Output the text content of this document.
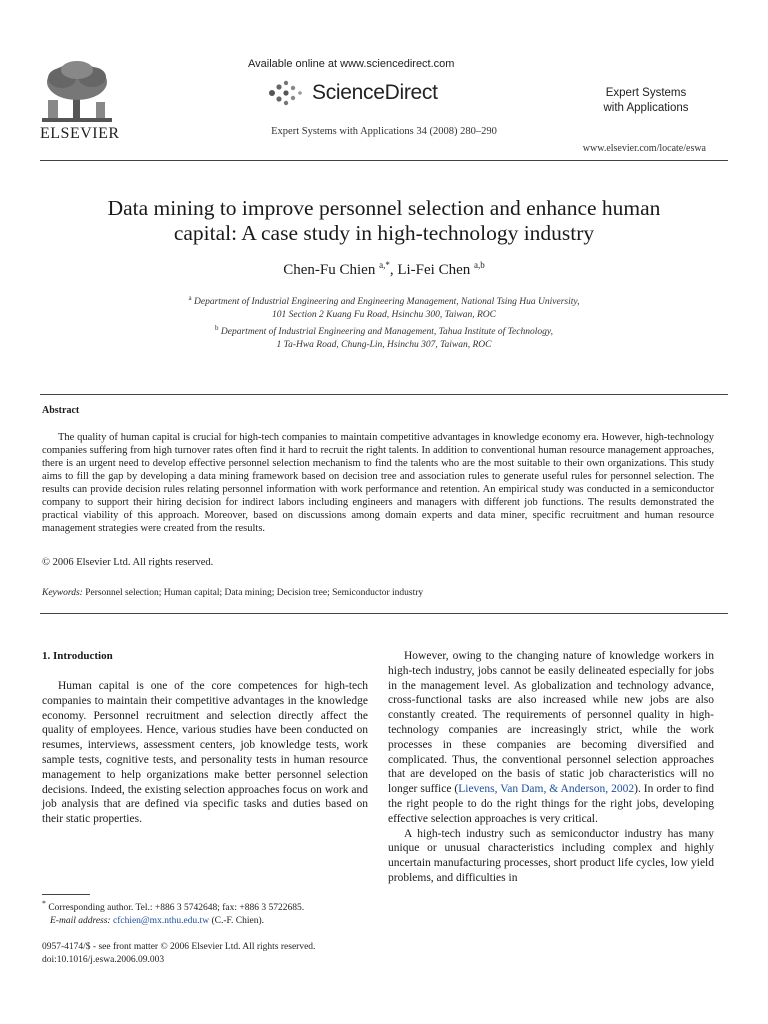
ELSEVIER
Available online at www.sciencedirect.com
ScienceDirect
Expert Systems with Applications 34 (2008) 280–290
Expert Systems
with Applications
www.elsevier.com/locate/eswa
Data mining to improve personnel selection and enhance human
capital: A case study in high-technology industry
Chen-Fu Chien $^{a,*}$, Li-Fei Chen $^{a,b}$
$^a$ Department of Industrial Engineering and Engineering Management, National Tsing Hua University,
101 Section 2 Kuang Fu Road, Hsinchu 300, Taiwan, ROC
$^b$ Department of Industrial Engineering and Management, Tahua Institute of Technology,
1 Ta-Hwa Road, Chung-Lin, Hsinchu 307, Taiwan, ROC
Abstract
The quality of human capital is crucial for high-tech companies to maintain competitive advantages in knowledge economy era. However, high-technology companies suffering from high turnover rates often find it hard to recruit the right talents. In addition to conventional human resource management approaches, there is an urgent need to develop effective personnel selection mechanism to find the talents who are the most suitable to their own organizations. This study aims to fill the gap by developing a data mining framework based on decision tree and association rules to generate useful rules for personnel selection. The results can provide decision rules relating personnel information with work performance and retention. An empirical study was conducted in a semiconductor company to support their hiring decision for indirect labors including engineers and managers with different job functions. The results demonstrated the practical viability of this approach. Moreover, based on discussions among domain experts and data miner, specific recruitment and human resource management strategies were created from the results.
© 2006 Elsevier Ltd. All rights reserved.
Keywords: Personnel selection; Human capital; Data mining; Decision tree; Semiconductor industry
1. Introduction

Human capital is one of the core competences for high-tech companies to maintain their competitive advantages in the knowledge economy. Personnel recruitment and selection directly affect the quality of employees. Hence, various studies have been conducted on resumes, interviews, assessment centers, job knowledge tests, work sample tests, cognitive tests, and personality tests in human resource management to help organizations make better personnel selection decisions. Indeed, the existing selection approaches focus on work and job analysis that are defined via specific tasks and duties based on their static properties.

However, owing to the changing nature of knowledge workers in high-tech industry, jobs cannot be easily delineated especially for jobs in the management level. As globalization and technology advance, cross-functional tasks are also increased while new jobs are also constantly created. The requirements of personnel quality in high-technology companies are increasingly strict, while the work processes in these companies are becoming diversified and complicated. Thus, the conventional personnel selection approaches that are developed on the basis of static job characteristics will no longer suffice (Lievens, Van Dam, & Anderson, 2002). In order to find the right people to do the right things for the right jobs, developing effective selection approaches is very critical.

A high-tech industry such as semiconductor industry has many unique or unusual characteristics including complex and highly uncertain manufacturing processes, short product life cycles, low yield problems, and difficulties in

* Corresponding author. Tel.: +886 3 5742648; fax: +886 3 5722685.
E-mail address: cfchien@mx.nthu.edu.tw (C.-F. Chien).
0957-4174/$ - see front matter © 2006 Elsevier Ltd. All rights reserved.
doi:10.1016/j.eswa.2006.09.003
